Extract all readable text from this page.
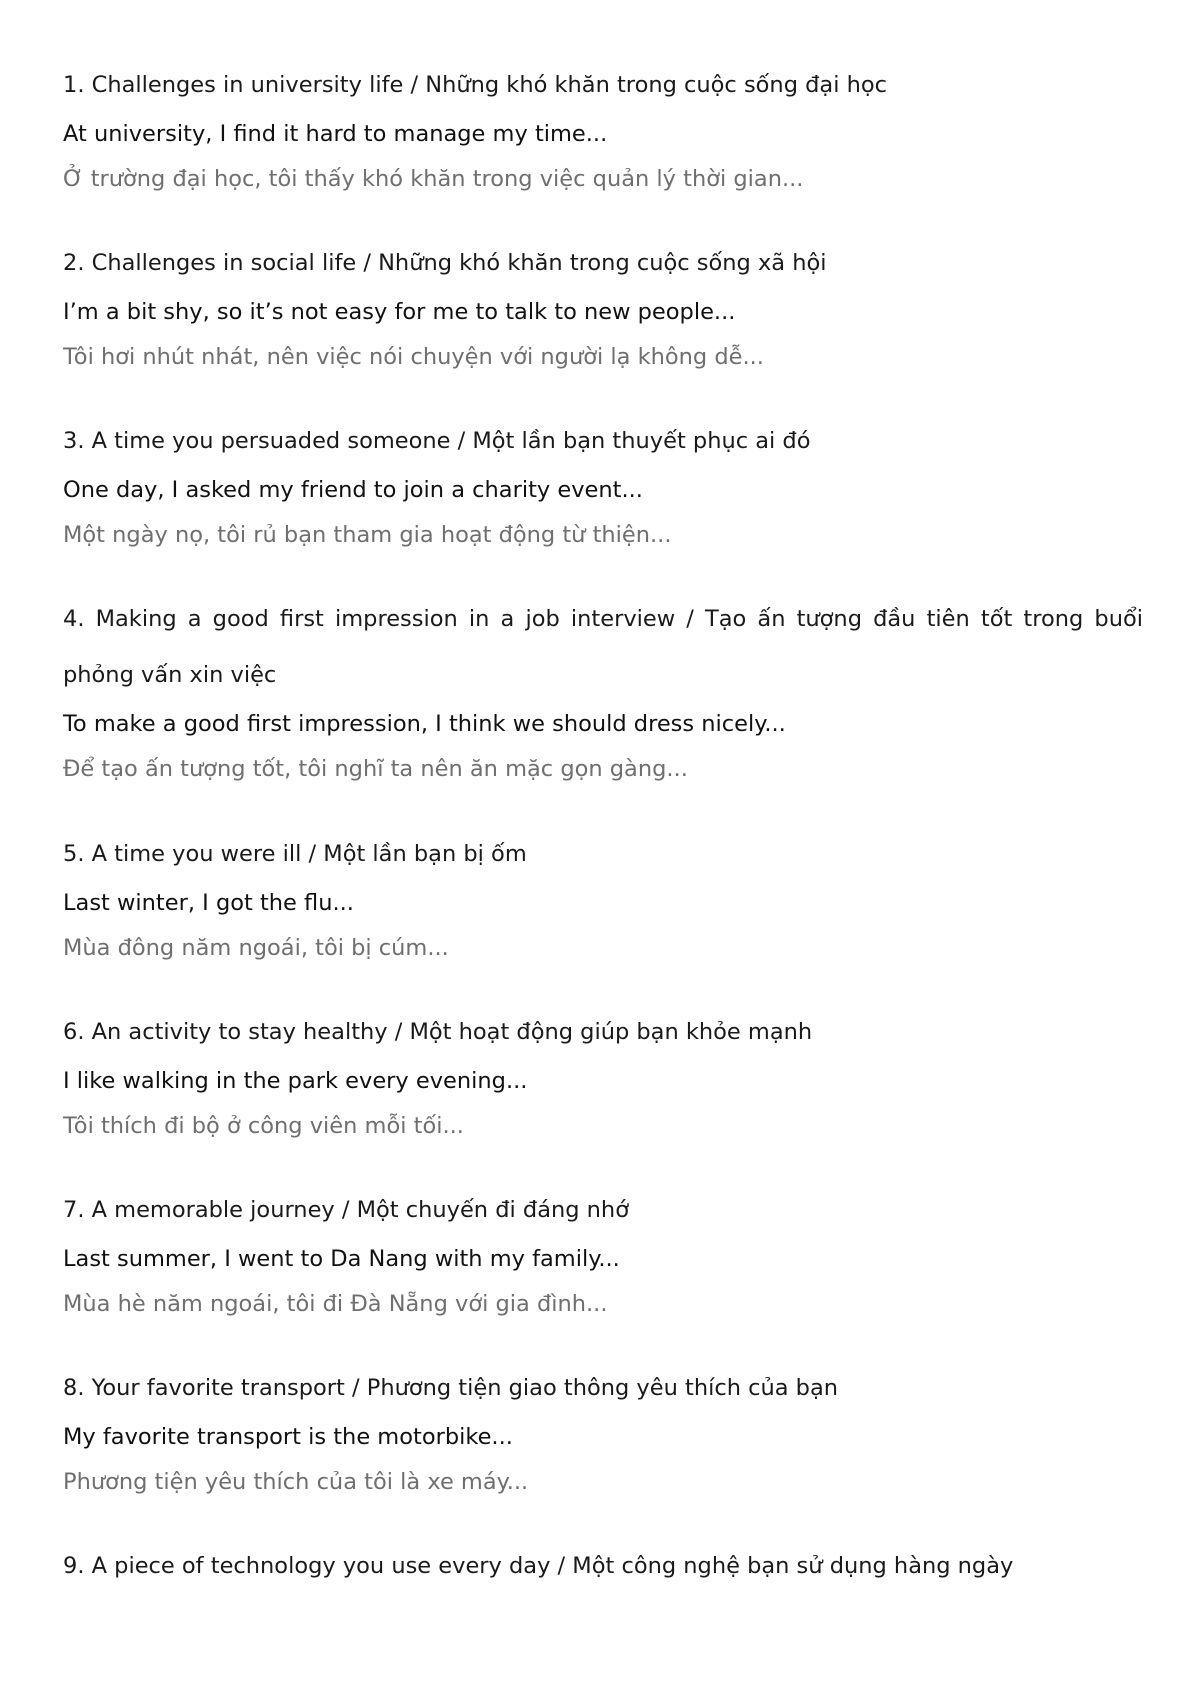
1. Challenges in university life / Những khó khăn trong cuộc sống đại học

At university, I find it hard to manage my time...

Ở trường đại học, tôi thấy khó khăn trong việc quản lý thời gian...

2. Challenges in social life / Những khó khăn trong cuộc sống xã hội

I’m a bit shy, so it’s not easy for me to talk to new people...

Tôi hơi nhút nhát, nên việc nói chuyện với người lạ không dễ...

3. A time you persuaded someone / Một lần bạn thuyết phục ai đó

One day, I asked my friend to join a charity event...

Một ngày nọ, tôi rủ bạn tham gia hoạt động từ thiện...

4. Making a good first impression in a job interview / Tạo ấn tượng đầu tiên tốt trong buổi phỏng vấn xin việc

To make a good first impression, I think we should dress nicely...

Để tạo ấn tượng tốt, tôi nghĩ ta nên ăn mặc gọn gàng...

5. A time you were ill / Một lần bạn bị ốm

Last winter, I got the flu...

Mùa đông năm ngoái, tôi bị cúm...

6. An activity to stay healthy / Một hoạt động giúp bạn khỏe mạnh

I like walking in the park every evening...

Tôi thích đi bộ ở công viên mỗi tối...

7. A memorable journey / Một chuyến đi đáng nhớ

Last summer, I went to Da Nang with my family...

Mùa hè năm ngoái, tôi đi Đà Nẵng với gia đình...

8. Your favorite transport / Phương tiện giao thông yêu thích của bạn

My favorite transport is the motorbike...

Phương tiện yêu thích của tôi là xe máy...

9. A piece of technology you use every day / Một công nghệ bạn sử dụng hàng ngày
